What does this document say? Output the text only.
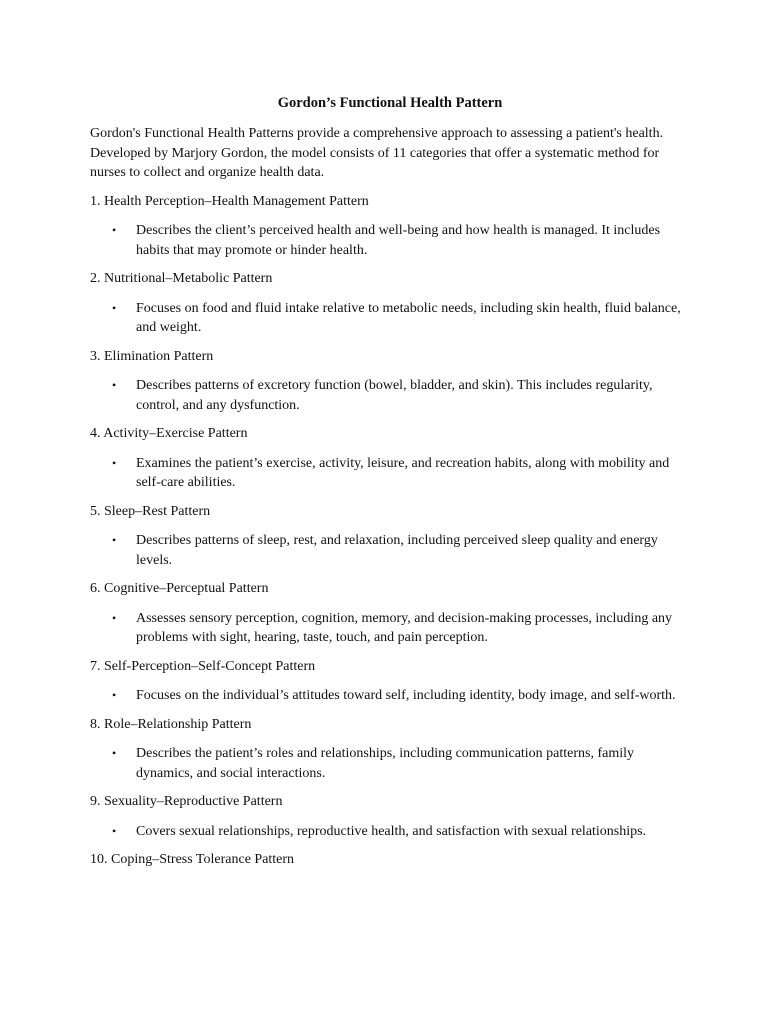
Gordon’s Functional Health Pattern

Gordon's Functional Health Patterns provide a comprehensive approach to assessing a patient's health. Developed by Marjory Gordon, the model consists of 11 categories that offer a systematic method for nurses to collect and organize health data.

1. Health Perception–Health Management Pattern

• Describes the client’s perceived health and well-being and how health is managed. It includes habits that may promote or hinder health.

2. Nutritional–Metabolic Pattern

• Focuses on food and fluid intake relative to metabolic needs, including skin health, fluid balance, and weight.

3. Elimination Pattern

• Describes patterns of excretory function (bowel, bladder, and skin). This includes regularity, control, and any dysfunction.

4. Activity–Exercise Pattern

• Examines the patient’s exercise, activity, leisure, and recreation habits, along with mobility and self-care abilities.

5. Sleep–Rest Pattern

• Describes patterns of sleep, rest, and relaxation, including perceived sleep quality and energy levels.

6. Cognitive–Perceptual Pattern

• Assesses sensory perception, cognition, memory, and decision-making processes, including any problems with sight, hearing, taste, touch, and pain perception.

7. Self-Perception–Self-Concept Pattern

• Focuses on the individual’s attitudes toward self, including identity, body image, and self-worth.

8. Role–Relationship Pattern

• Describes the patient’s roles and relationships, including communication patterns, family dynamics, and social interactions.

9. Sexuality–Reproductive Pattern

• Covers sexual relationships, reproductive health, and satisfaction with sexual relationships.

10. Coping–Stress Tolerance Pattern
